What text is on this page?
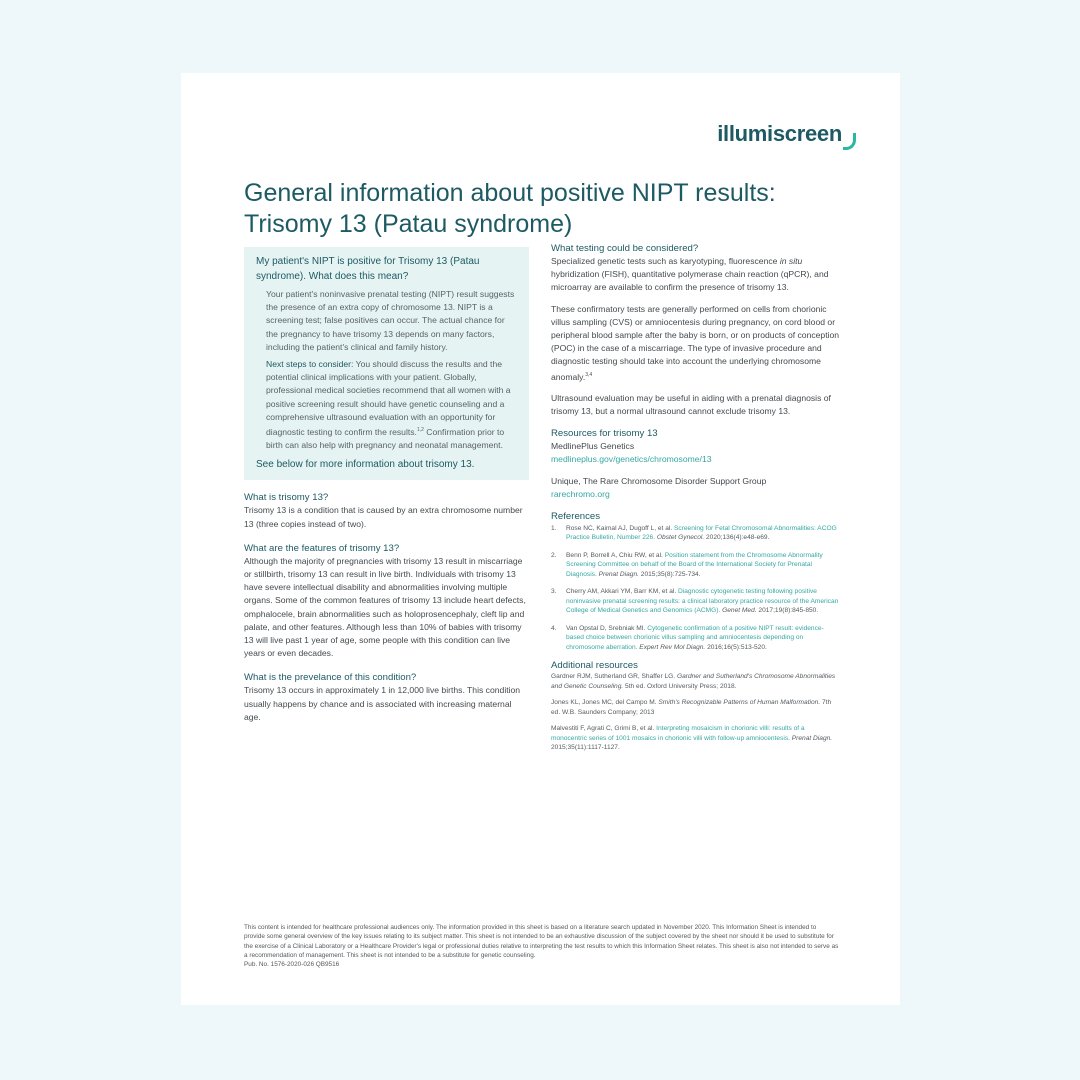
illumiscreen
General information about positive NIPT results:
Trisomy 13 (Patau syndrome)
My patient's NIPT is positive for Trisomy 13 (Patau syndrome). What does this mean?

Your patient's noninvasive prenatal testing (NIPT) result suggests the presence of an extra copy of chromosome 13. NIPT is a screening test; false positives can occur. The actual chance for the pregnancy to have trisomy 13 depends on many factors, including the patient's clinical and family history.

Next steps to consider: You should discuss the results and the potential clinical implications with your patient. Globally, professional medical societies recommend that all women with a positive screening result should have genetic counseling and a comprehensive ultrasound evaluation with an opportunity for diagnostic testing to confirm the results.$^{1,2}$ Confirmation prior to birth can also help with pregnancy and neonatal management.

See below for more information about trisomy 13.

What is trisomy 13?

Trisomy 13 is a condition that is caused by an extra chromosome number 13 (three copies instead of two).

What are the features of trisomy 13?

Although the majority of pregnancies with trisomy 13 result in miscarriage or stillbirth, trisomy 13 can result in live birth. Individuals with trisomy 13 have severe intellectual disability and abnormalities involving multiple organs. Some of the common features of trisomy 13 include heart defects, omphalocele, brain abnormalities such as holoprosencephaly, cleft lip and palate, and other features. Although less than 10% of babies with trisomy 13 will live past 1 year of age, some people with this condition can live years or even decades.

What is the prevelance of this condition?

Trisomy 13 occurs in approximately 1 in 12,000 live births. This condition usually happens by chance and is associated with increasing maternal age.

What testing could be considered?

Specialized genetic tests such as karyotyping, fluorescence in situ hybridization (FISH), quantitative polymerase chain reaction (qPCR), and microarray are available to confirm the presence of trisomy 13.

These confirmatory tests are generally performed on cells from chorionic villus sampling (CVS) or amniocentesis during pregnancy, on cord blood or peripheral blood sample after the baby is born, or on products of conception (POC) in the case of a miscarriage. The type of invasive procedure and diagnostic testing should take into account the underlying chromosome anomaly.$^{3,4}$

Ultrasound evaluation may be useful in aiding with a prenatal diagnosis of trisomy 13, but a normal ultrasound cannot exclude trisomy 13.

Resources for trisomy 13

MedlinePlus Genetics

medlineplus.gov/genetics/chromosome/13

Unique, The Rare Chromosome Disorder Support Group

rarechromo.org

References
1.	Rose NC, Kaimal AJ, Dugoff L, et al. Screening for Fetal Chromosomal Abnormalities: ACOG Practice Bulletin, Number 226. Obstet Gynecol. 2020;136(4):e48-e69.
2.	Benn P, Borrell A, Chiu RW, et al. Position statement from the Chromosome Abnormality Screening Committee on behalf of the Board of the International Society for Prenatal Diagnosis. Prenat Diagn. 2015;35(8):725-734.
3.	Cherry AM, Akkari YM, Barr KM, et al. Diagnostic cytogenetic testing following positive noninvasive prenatal screening results: a clinical laboratory practice resource of the American College of Medical Genetics and Genomics (ACMG). Genet Med. 2017;19(8):845-850.
4.	Van Opstal D, Srebniak MI. Cytogenetic confirmation of a positive NIPT result: evidence-based choice between chorionic villus sampling and amniocentesis depending on chromosome aberration. Expert Rev Mol Diagn. 2016;16(5):513-520.
Additional resources

Gardner RJM, Sutherland GR, Shaffer LG. Gardner and Sutherland's Chromosome Abnormalities and Genetic Counseling. 5th ed. Oxford University Press; 2018.

Jones KL, Jones MC, del Campo M. Smith's Recognizable Patterns of Human Malformation. 7th ed. W.B. Saunders Company; 2013

Malvestiti F, Agrati C, Grimi B, et al. Interpreting mosaicism in chorionic villi: results of a monocentric series of 1001 mosaics in chorionic villi with follow-up amniocentesis. Prenat Diagn. 2015;35(11):1117-1127.

This content is intended for healthcare professional audiences only. The information provided in this sheet is based on a literature search updated in November 2020. This Information Sheet is intended to provide some general overview of the key issues relating to its subject matter. This sheet is not intended to be an exhaustive discussion of the subject covered by the sheet nor should it be used to substitute for the exercise of a Clinical Laboratory or a Healthcare Provider's legal or professional duties relative to interpreting the test results to which this Information Sheet relates. This sheet is also not intended to serve as a recommendation of management. This sheet is not intended to be a substitute for genetic counseling.
Pub. No. 1576-2020-026 QB9516
